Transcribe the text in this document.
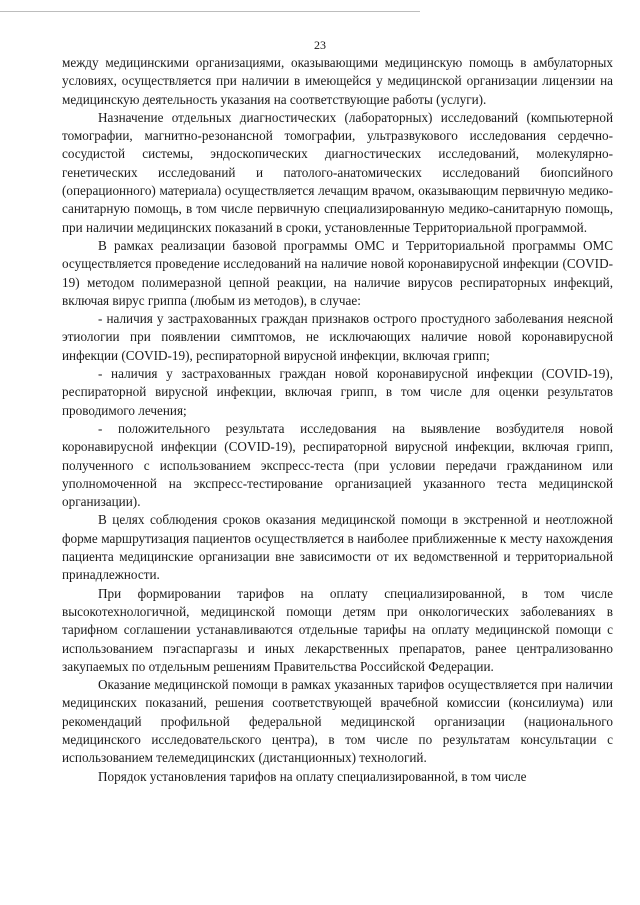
23

между медицинскими организациями, оказывающими медицинскую помощь в амбулаторных условиях, осуществляется при наличии в имеющейся у медицинской организации лицензии на медицинскую деятельность указания на соответствующие работы (услуги).

Назначение отдельных диагностических (лабораторных) исследований (компьютерной томографии, магнитно-резонансной томографии, ультразвукового исследования сердечно-сосудистой системы, эндоскопических диагностических исследований, молекулярно-генетических исследований и патолого-анатомических исследований биопсийного (операционного) материала) осуществляется лечащим врачом, оказывающим первичную медико-санитарную помощь, в том числе первичную специализированную медико-санитарную помощь, при наличии медицинских показаний в сроки, установленные Территориальной программой.

В рамках реализации базовой программы ОМС и Территориальной программы ОМС осуществляется проведение исследований на наличие новой коронавирусной инфекции (COVID-19) методом полимеразной цепной реакции, на наличие вирусов респираторных инфекций, включая вирус гриппа (любым из методов), в случае:

- наличия у застрахованных граждан признаков острого простудного заболевания неясной этиологии при появлении симптомов, не исключающих наличие новой коронавирусной инфекции (COVID-19), респираторной вирусной инфекции, включая грипп;

- наличия у застрахованных граждан новой коронавирусной инфекции (COVID-19), респираторной вирусной инфекции, включая грипп, в том числе для оценки результатов проводимого лечения;

- положительного результата исследования на выявление возбудителя новой коронавирусной инфекции (COVID-19), респираторной вирусной инфекции, включая грипп, полученного с использованием экспресс-теста (при условии передачи гражданином или уполномоченной на экспресс-тестирование организацией указанного теста медицинской организации).

В целях соблюдения сроков оказания медицинской помощи в экстренной и неотложной форме маршрутизация пациентов осуществляется в наиболее приближенные к месту нахождения пациента медицинские организации вне зависимости от их ведомственной и территориальной принадлежности.

При формировании тарифов на оплату специализированной, в том числе высокотехнологичной, медицинской помощи детям при онкологических заболеваниях в тарифном соглашении устанавливаются отдельные тарифы на оплату медицинской помощи с использованием пэгаспаргазы и иных лекарственных препаратов, ранее централизованно закупаемых по отдельным решениям Правительства Российской Федерации.

Оказание медицинской помощи в рамках указанных тарифов осуществляется при наличии медицинских показаний, решения соответствующей врачебной комиссии (консилиума) или рекомендаций профильной федеральной медицинской организации (национального медицинского исследовательского центра), в том числе по результатам консультации с использованием телемедицинских (дистанционных) технологий.

Порядок установления тарифов на оплату специализированной, в том числе
